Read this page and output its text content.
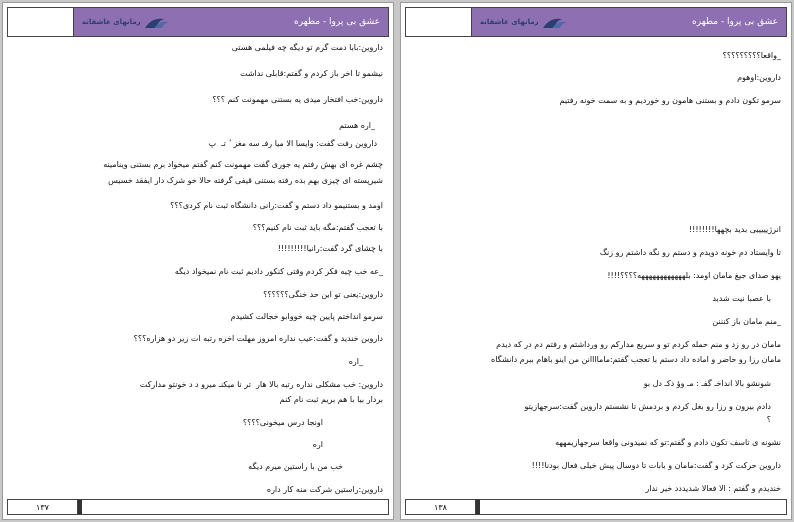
رمانهای عاشقانه	عشق بی پروا - مطهره

داروین:بابا دمت گرم تو دیگه چه فیلمی هستی

نیشمو تا اخر باز کردم و گفتم:قابلی نداشت

داروین:خب افتخار میدی یه بستنی مهمونت کنم ؟؟؟

_اره هستم

داروین رفت گفت: وایسا الا میا رفـ سه مغز ‌ ٔ تـ ‌ پ

چشم غره ای بهش رفتم یه جوری گفت مهمونت کنم گفتم میخواد برم بستنی وینامینه

شیرپسته ای چیزی بهم بده رفته بستنی قیفی گرفته حالا خو‌ شر‌ک دار ایفقد خسیس

اومد و بستنیمو داد دستم و گفت:رانی دانشگاه ثبت نام کردی؟؟؟

با تعجب گفتم:مگه باید ثبت نام کنیم؟؟؟

با چشای گرد گفت:رانیا!!!!!!!!!

_عه خب چیه فکر کردم وقتی کنکور دادیم ثبت نام نمیخواد دیگه

داروین:یعنی تو این حد خنگی؟؟؟؟؟؟

سرمو انداختم پایین چیه خووابو خجالت کشیدم

داروین خندید و گفت:عیب نداره امروز مهلت اخره رتبه ات زیر دو هزاره؟؟؟

_اره

داروین: خب مشکلی نداره رتبه بالا هار ‌ تر‌ نا میکنـ میرو‌ د‌ د خونتو مدارکت

بردار بیا با هم بریم ثبت نام کنم

اونجا درس میخونی؟؟؟؟

اره

خب من با راستین میرم دیگه

داروین:راستین شرکت منه کار داره

۱۳۷
رمانهای عاشقانه	عشق بی پروا - مطهره

_واقعا؟؟؟؟؟؟؟؟؟

داروین:اوهوم

سرمو تکون دادم و بستنی هامون رو خوردیم و به سمت خونه رفتیم

انرژیییییی بدید بچهها!!!!!!!!

تا وایستاد دم خونه دویدم و دستم رو نگه داشتم رو زنگ

یهو صدای جیغ مامان اومد: بلههههههههههههه؟؟؟؟!!!!

با عصبا نیت شدید

_منم مامان باز کنننن

مامان در رو زد و منم حمله کردم تو و سریع مدارکم رو ورداشتم و رفتم دم در که دیدم

مامان رزا رو حاضر و اماده داد دستم با تعجب گفتم:ماماااانن من اینو باهام ببرم دانشگاه

شونشو بالا انداخـ گفـ : مـ و‌ؤ دکـ دل بو

دادم بیرون و رزا رو بغل کردم و بردمش تا نشستم داروین گفت:سرجهازیتو

؟

نشونه ی تاسف تکون دادم و گفتم:تو که نمیدونی واقعا سرجهازیمههه

داروین حرکت کرد و گفت:مامان و بابات تا دوسال پیش خیلی فعال بودنا!!!!

خندیدم و گفتم : الا فعالا شدیددد خیر ندار

۱۳۸
